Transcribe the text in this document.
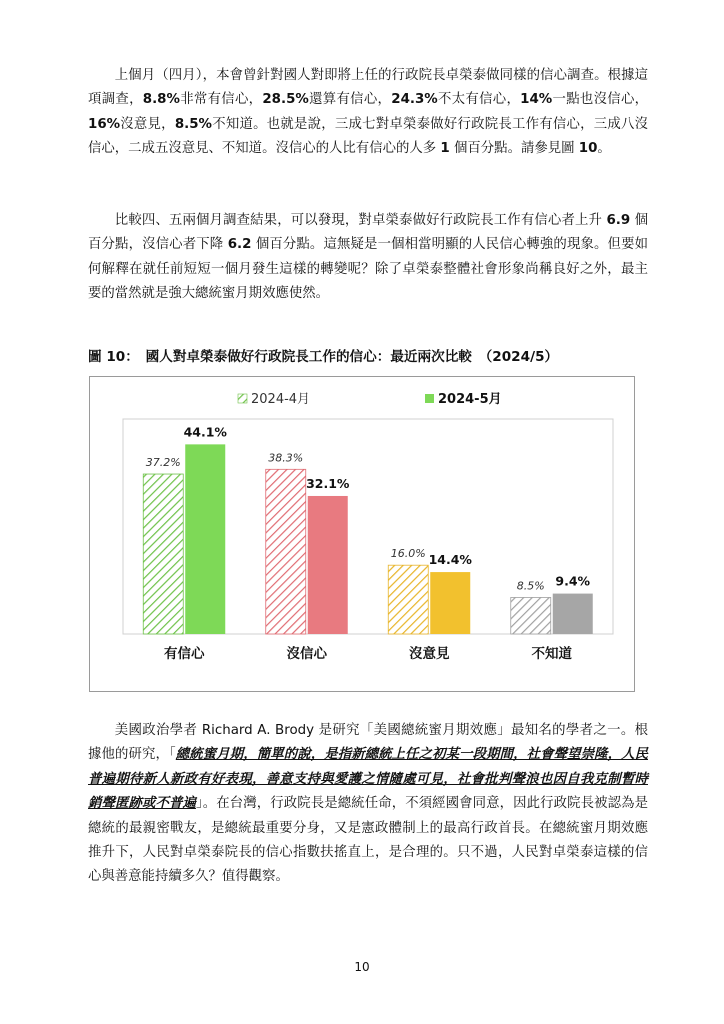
上個月（四月），本會曾針對國人對即將上任的行政院長卓榮泰做同樣的信心調查。根據這項調查，8.8%非常有信心，28.5%還算有信心，24.3%不太有信心，14%一點也沒信心，16%沒意見，8.5%不知道。也就是說，三成七對卓榮泰做好行政院長工作有信心，三成八沒信心，二成五沒意見、不知道。沒信心的人比有信心的人多 1 個百分點。請參見圖 10。

比較四、五兩個月調查結果，可以發現，對卓榮泰做好行政院長工作有信心者上升 6.9 個百分點，沒信心者下降 6.2 個百分點。這無疑是一個相當明顯的人民信心轉強的現象。但要如何解釋在就任前短短一個月發生這樣的轉變呢？除了卓榮泰整體社會形象尚稱良好之外，最主要的當然就是強大總統蜜月期效應使然。

圖 10：　國人對卓榮泰做好行政院長工作的信心：最近兩次比較　（2024/5）
2024-4月	2024-5月
37.2%
44.1%
有信心
38.3%
32.1%
沒信心
16.0% 14.4%
沒意見
8.5% 9.4%
不知道

美國政治學者 Richard A. Brody 是研究「美國總統蜜月期效應」最知名的學者之一。根據他的研究，「總統蜜月期，簡單的說，是指新總統上任之初某一段期間，社會聲望崇隆，人民普遍期待新人新政有好表現，善意支持與愛護之情隨處可見，社會批判聲浪也因自我克制暫時銷聲匿跡或不普遍」。在台灣，行政院長是總統任命，不須經國會同意，因此行政院長被認為是總統的最親密戰友，是總統最重要分身，又是憲政體制上的最高行政首長。在總統蜜月期效應推升下，人民對卓榮泰院長的信心指數扶搖直上，是合理的。只不過，人民對卓榮泰這樣的信心與善意能持續多久？值得觀察。

10
